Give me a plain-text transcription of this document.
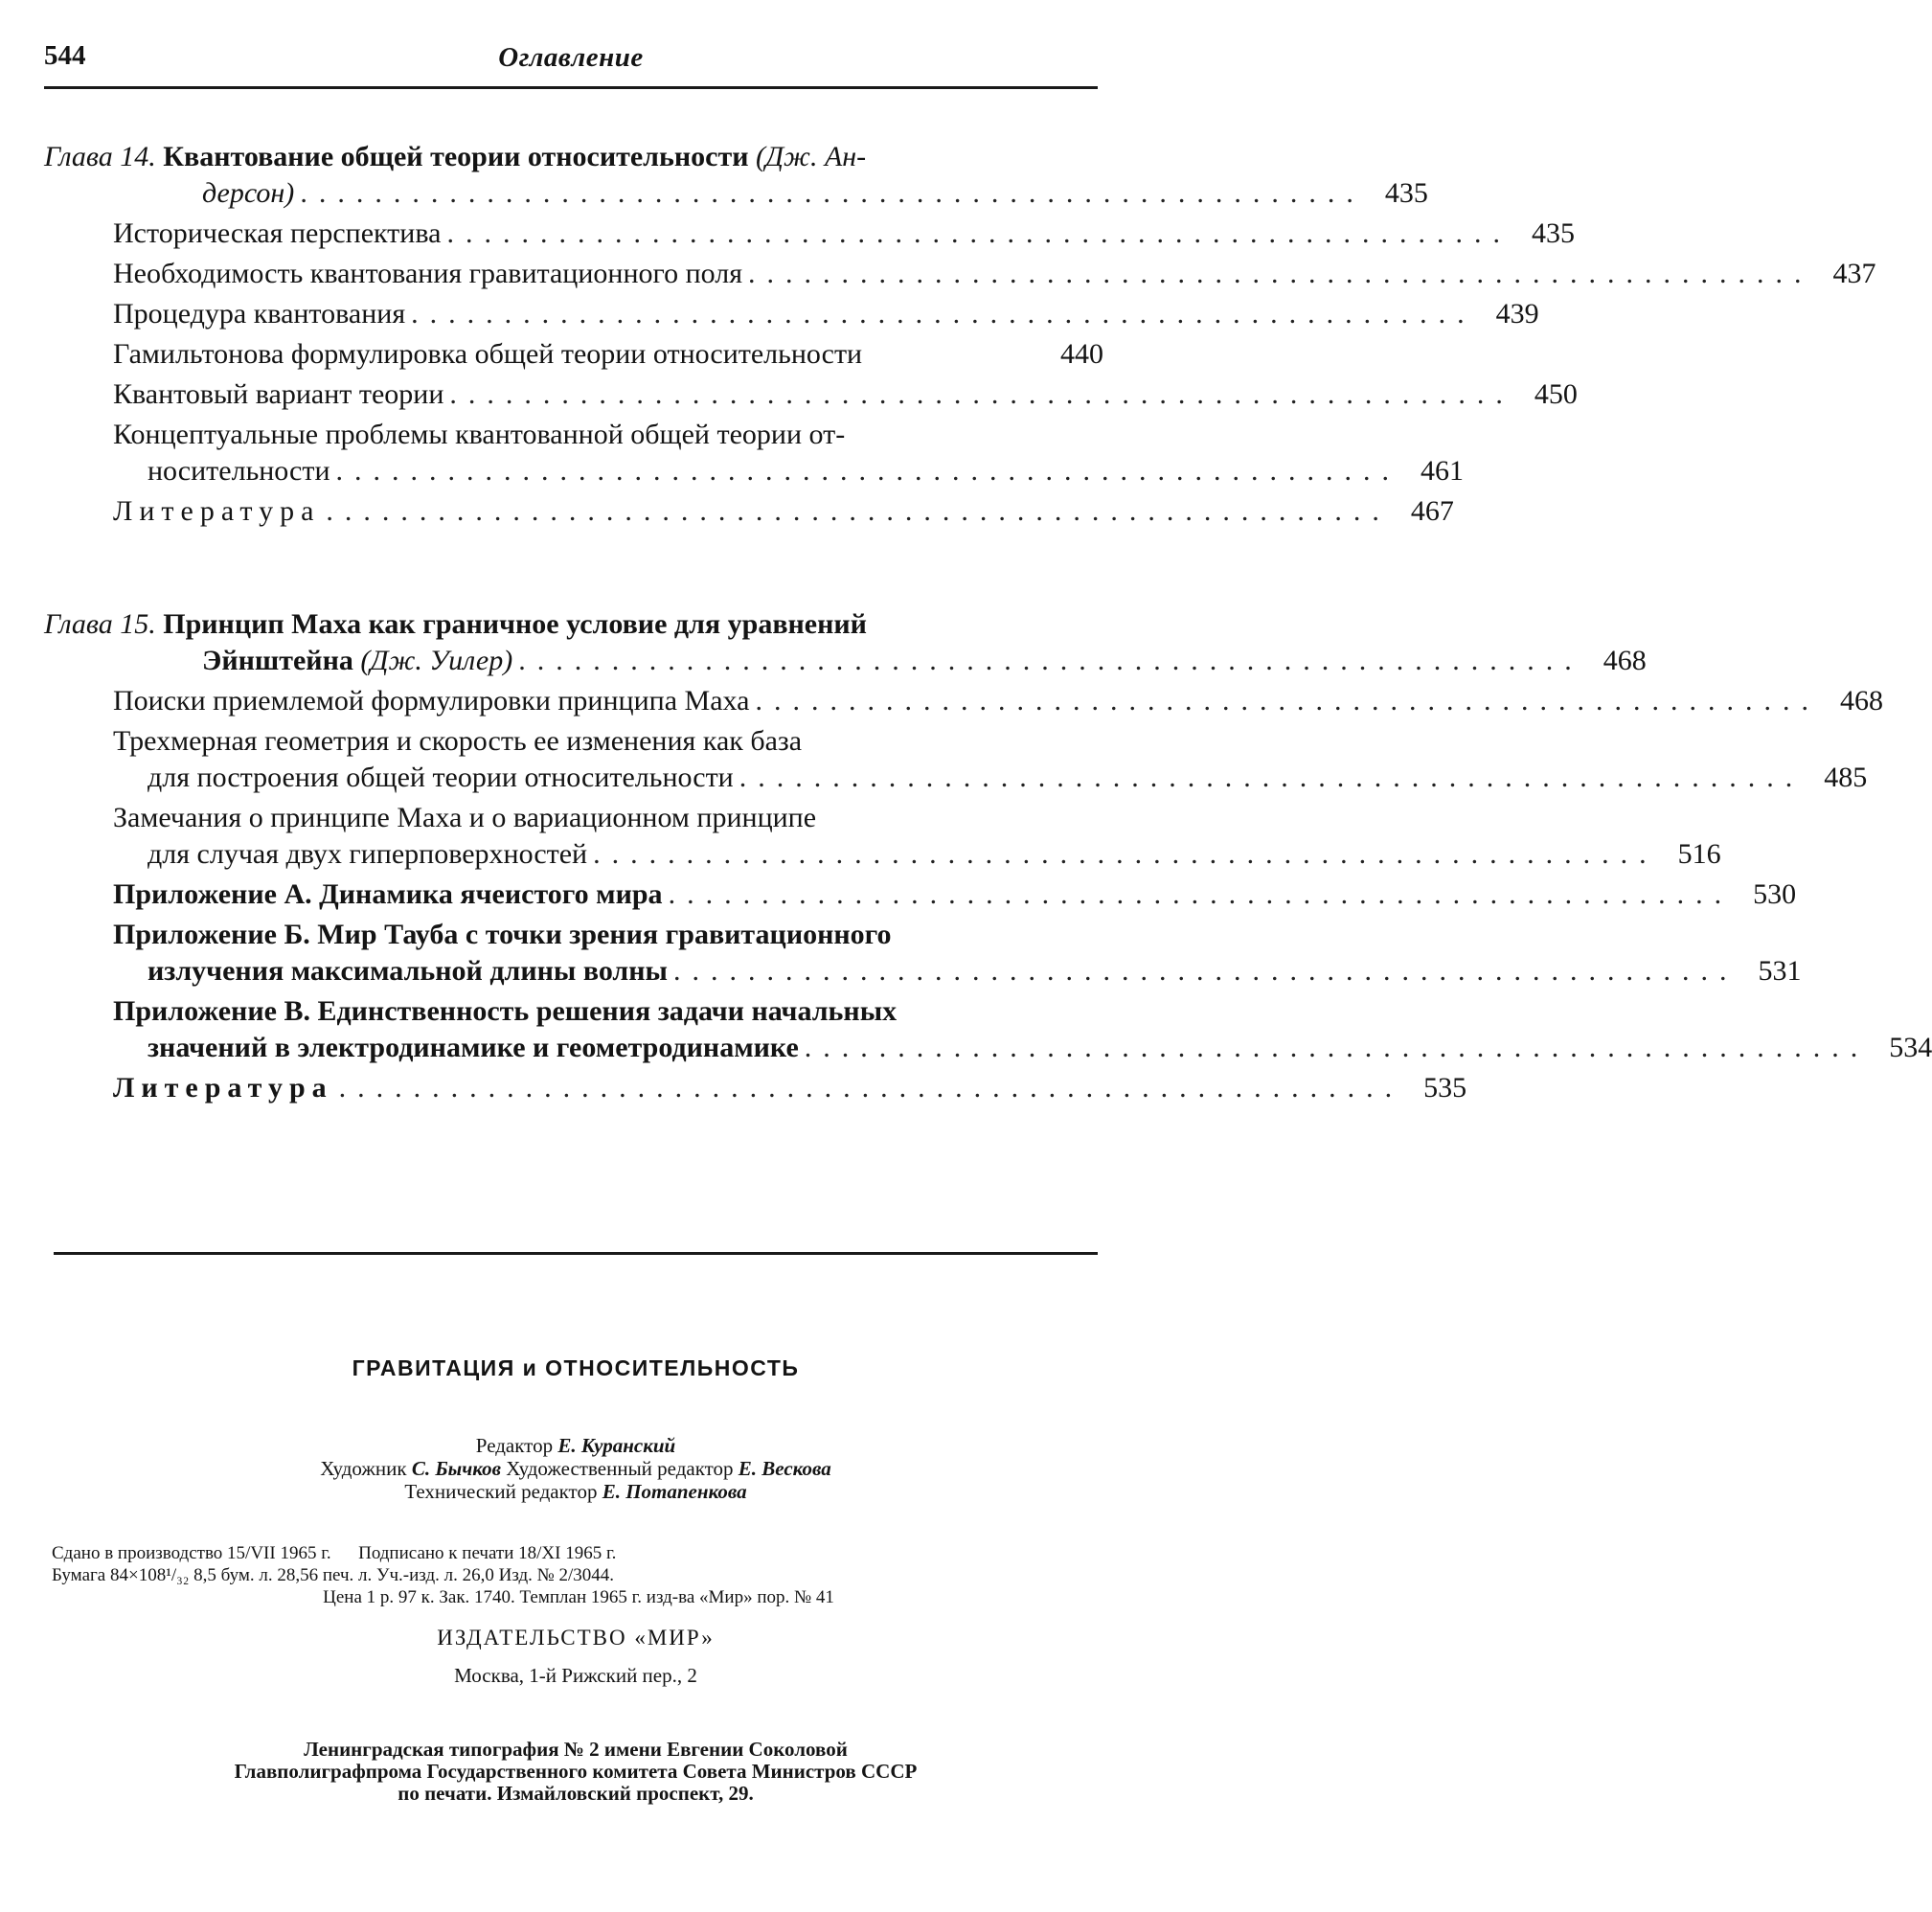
544	Оглавление
Глава 14. Квантование общей теории относительности (Дж. Ан-
дерсон) ......................................................... 435
Историческая перспектива ......................................................... 435
Необходимость квантования гравитационного поля ......................................................... 437
Процедура квантования ......................................................... 439
Гамильтонова формулировка общей теории относительности	440
Квантовый вариант теории ......................................................... 450
Концептуальные проблемы квантованной общей теории от-
носительности ......................................................... 461
Литература ......................................................... 467
Глава 15. Принцип Маха как граничное условие для уравнений
Эйнштейна (Дж. Уилер) ......................................................... 468
Поиски приемлемой формулировки принципа Маха ......................................................... 468
Трехмерная геометрия и скорость ее изменения как база
для построения общей теории относительности ......................................................... 485
Замечания о принципе Маха и о вариационном принципе
для случая двух гиперповерхностей ......................................................... 516
Приложение А. Динамика ячеистого мира ......................................................... 530
Приложение Б. Мир Тауба с точки зрения гравитационного
излучения максимальной длины волны ......................................................... 531
Приложение В. Единственность решения задачи начальных
значений в электродинамике и геометродинамике ......................................................... 534
Литература ......................................................... 535
ГРАВИТАЦИЯ и ОТНОСИТЕЛЬНОСТЬ
Редактор Е. Куранский
Художник С. Бычков Художественный редактор Е. Вескова
Технический редактор Е. Потапенкова
Сдано в производство 15/VII 1965 г.      Подписано к печати 18/XI 1965 г.
Бумага 84×108¹/₃₂ 8,5 бум. л. 28,56 печ. л. Уч.-изд. л. 26,0 Изд. № 2/3044.
Цена 1 р. 97 к. Зак. 1740. Темплан 1965 г. изд-ва «Мир» пор. № 41
ИЗДАТЕЛЬСТВО «МИР»
Москва, 1-й Рижский пер., 2
Ленинградская типография № 2 имени Евгении Соколовой
Главполиграфпрома Государственного комитета Совета Министров СССР
по печати. Измайловский проспект, 29.
